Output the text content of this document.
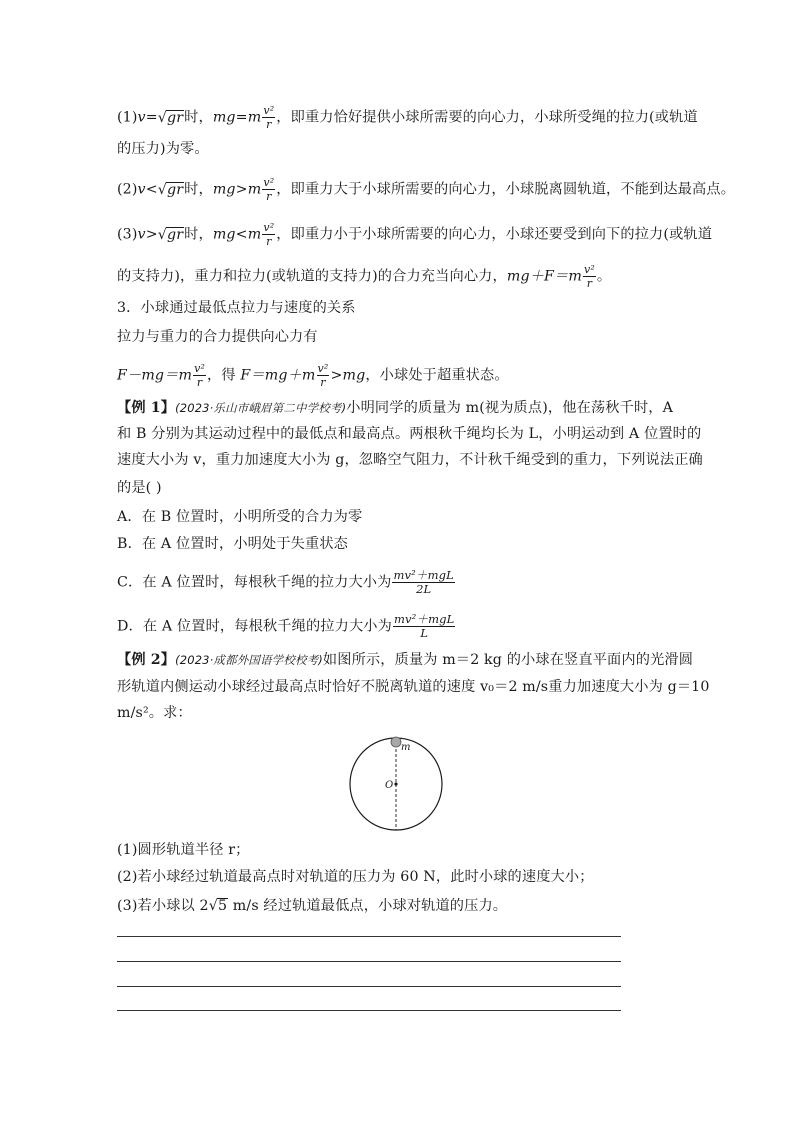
(1)v=√gr时，$mg=m \frac{\text{v²}}{r}$ ，即重力恰好提供小球所需要的向心力，小球所受绳的拉力(或轨道
的压力)为零。
(2)v<√gr时，$mg>m \frac{\text{v²}}{r}$ ，即重力大于小球所需要的向心力，小球脱离圆轨道，不能到达最高点。
(3)v>√gr时，$mg<m \frac{\text{v²}}{r}$ ，即重力小于小球所需要的向心力，小球还要受到向下的拉力(或轨道
的支持力)，重力和拉力(或轨道的支持力)的合力充当向心力，$mg+F=m \frac{\text{v²}}{r}$ 。
3．小球通过最低点拉力与速度的关系
拉力与重力的合力提供向心力有
$F-mg=m \frac{\text{v²}}{r}$ ，得 $F=mg+m \frac{\text{v²}}{r} >mg$，小球处于超重状态。
【例 1】(2023·乐山市峨眉第二中学校考)小明同学的质量为 m(视为质点)，他在荡秋千时，A
和 B 分别为其运动过程中的最低点和最高点。两根秋千绳均长为 L，小明运动到 A 位置时的
速度大小为 v，重力加速度大小为 g，忽略空气阻力，不计秋千绳受到的重力，下列说法正确
的是( )
A．在 B 位置时，小明所受的合力为零
B．在 A 位置时，小明处于失重状态
C．在 A 位置时，每根秋千绳的拉力大小为 $\frac{\text{mv²＋mgL}}{2L}$
D．在 A 位置时，每根秋千绳的拉力大小为 $\frac{\text{mv²＋mgL}}{L}$
【例 2】(2023·成都外国语学校校考)如图所示，质量为 m＝2 kg 的小球在竖直平面内的光滑圆
形轨道内侧运动小球经过最高点时恰好不脱离轨道的速度 v₀＝2 m/s重力加速度大小为 g＝10
m/s²。求：
m
O
(1)圆形轨道半径 r；
(2)若小球经过轨道最高点时对轨道的压力为 60 N，此时小球的速度大小；
(3)若小球以 2√5 m/s 经过轨道最低点，小球对轨道的压力。
